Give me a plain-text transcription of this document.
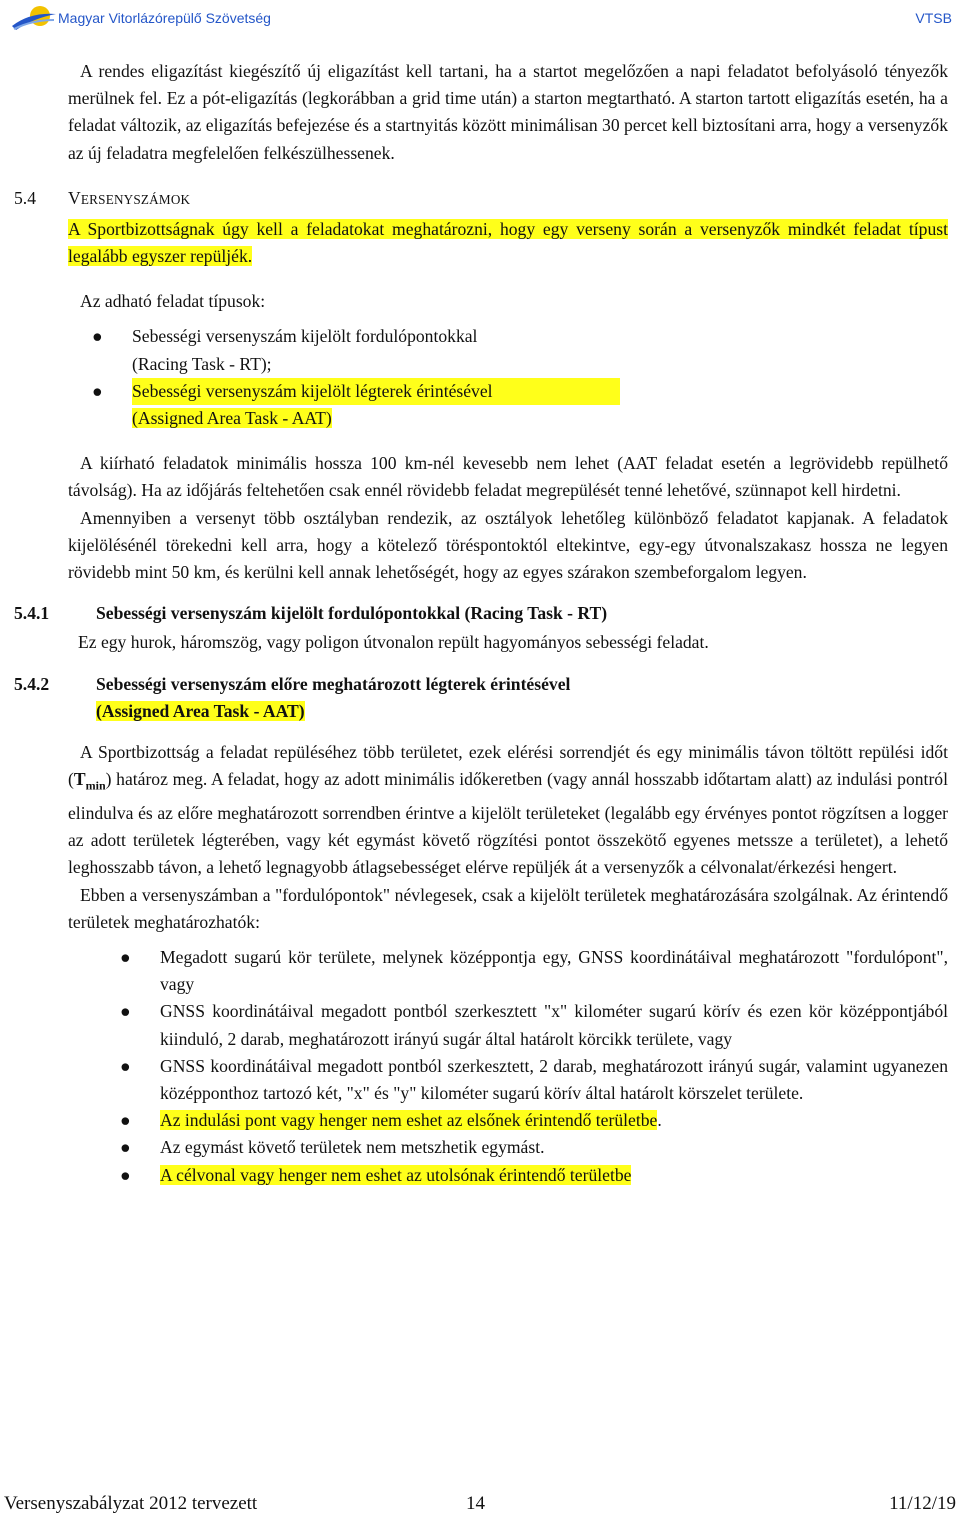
Magyar Vitorlázórepülő Szövetség	VTSB

A rendes eligazítást kiegészítő új eligazítást kell tartani, ha a startot megelőzően a napi feladatot befolyásoló tényezők merülnek fel. Ez a pót-eligazítás (legkorábban a grid time után) a starton megtartható. A starton tartott eligazítás esetén, ha a feladat változik, az eligazítás befejezése és a startnyitás között minimálisan 30 percet kell biztosítani arra, hogy a versenyzők az új feladatra megfelelően felkészülhessenek.

5.4 VERSENYSZÁMOK

A Sportbizottságnak úgy kell a feladatokat meghatározni, hogy egy verseny során a versenyzők mindkét feladat típust legalább egyszer repüljék.

Az adható feladat típusok:

● Sebességi versenyszám kijelölt fordulópontokkal
(Racing Task - RT);
● Sebességi versenyszám kijelölt légterek érintésével
(Assigned Area Task - AAT)

A kiírható feladatok minimális hossza 100 km-nél kevesebb nem lehet (AAT feladat esetén a legrövidebb repülhető távolság). Ha az időjárás feltehetően csak ennél rövidebb feladat megrepülését tenné lehetővé, szünnapot kell hirdetni.

Amennyiben a versenyt több osztályban rendezik, az osztályok lehetőleg különböző feladatot kapjanak. A feladatok kijelölésénél törekedni kell arra, hogy a kötelező töréspontoktól eltekintve, egy-egy útvonalszakasz hossza ne legyen rövidebb mint 50 km, és kerülni kell annak lehetőségét, hogy az egyes szárakon szembeforgalom legyen.

5.4.1	Sebességi versenyszám kijelölt fordulópontokkal (Racing Task - RT)

Ez egy hurok, háromszög, vagy poligon útvonalon repült hagyományos sebességi feladat.

5.4.2	Sebességi versenyszám előre meghatározott légterek érintésével
(Assigned Area Task - AAT)

A Sportbizottság a feladat repüléséhez több területet, ezek elérési sorrendjét és egy minimális távon töltött repülési időt $(T_{min})$ határoz meg. A feladat, hogy az adott minimális időkeretben (vagy annál hosszabb időtartam alatt) az indulási pontról elindulva és az előre meghatározott sorrendben érintve a kijelölt területeket (legalább egy érvényes pontot rögzítsen a logger az adott területek légterében, vagy két egymást követő rögzítési pontot összekötő egyenes metssze a területet), a lehető leghosszabb távon, a lehető legnagyobb átlagsebességet elérve repüljék át a versenyzők a célvonalat/érkezési hengert.

Ebben a versenyszámban a "fordulópontok" névlegesek, csak a kijelölt területek meghatározására szolgálnak. Az érintendő területek meghatározhatók:

● Megadott sugarú kör területe, melynek középpontja egy, GNSS koordinátáival meghatározott "fordulópont", vagy
● GNSS koordinátáival megadott pontból szerkesztett "x" kilométer sugarú körív és ezen kör középpontjából kiinduló, 2 darab, meghatározott irányú sugár által határolt körcikk területe, vagy
● GNSS koordinátáival megadott pontból szerkesztett, 2 darab, meghatározott irányú sugár, valamint ugyanezen középponthoz tartozó két, "x" és "y" kilométer sugarú körív által határolt körszelet területe.
● Az indulási pont vagy henger nem eshet az elsőnek érintendő területbe.
● Az egymást követő területek nem metszhetik egymást.
● A célvonal vagy henger nem eshet az utolsónak érintendő területbe
Versenyszabályzat 2012 tervezett	14	11/12/19
